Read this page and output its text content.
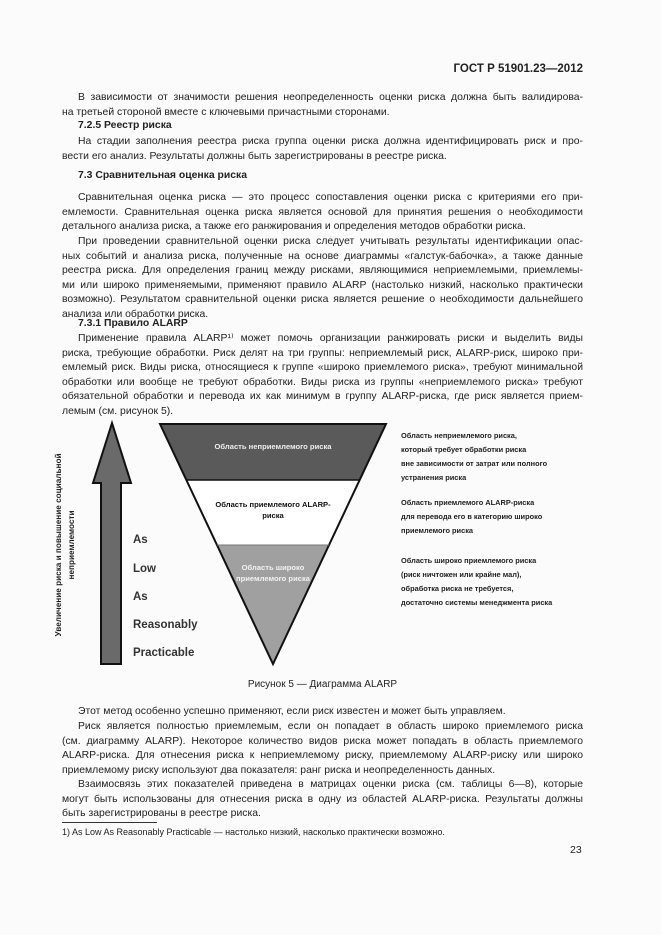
ГОСТ Р 51901.23—2012
В зависимости от значимости решения неопределенность оценки риска должна быть валидирова-
на третьей стороной вместе с ключевыми причастными сторонами.
На стадии заполнения реестра риска группа оценки риска должна идентифицировать риск и про-
вести его анализ. Результаты должны быть зарегистрированы в реестре риска.
Сравнительная оценка риска — это процесс сопоставления оценки риска с критериями его при-
емлемости. Сравнительная оценка риска является основой для принятия решения о необходимости
детального анализа риска, а также его ранжирования и определения методов обработки риска.
При проведении сравнительной оценки риска следует учитывать результаты идентификации опас-
ных событий и анализа риска, полученные на основе диаграммы «галстук-бабочка», а также данные
реестра риска. Для определения границ между рисками, являющимися неприемлемыми, приемлемы-
ми или широко применяемыми, применяют правило ALARP (настолько низкий, насколько практически
возможно). Результатом сравнительной оценки риска является решение о необходимости дальнейшего
анализа или обработки риска.
Применение правила ALARP¹⁾ может помочь организации ранжировать риски и выделить виды
риска, требующие обработки. Риск делят на три группы: неприемлемый риск, ALARP-риск, широко при-
емлемый риск. Виды риска, относящиеся к группе «широко приемлемого риска», требуют минимальной
обработки или вообще не требуют обработки. Виды риска из группы «неприемлемого риска» требуют
обязательной обработки и перевода их как минимум в группу ALARP-риска, где риск является прием-
лемым (см. рисунок 5).
Этот метод особенно успешно применяют, если риск известен и может быть управляем.
Риск является полностью приемлемым, если он попадает в область широко приемлемого риска
(см. диаграмму ALARP). Некоторое количество видов риска может попадать в область приемлемого
ALARP-риска. Для отнесения риска к неприемлемому риску, приемлемому ALARP-риску или широко
приемлемому риску используют два показателя: ранг риска и неопределенность данных.
Взаимосвязь этих показателей приведена в матрицах оценки риска (см. таблицы 6—8), которые
могут быть использованы для отнесения риска в одну из областей ALARP-риска. Результаты должны
быть зарегистрированы в реестре риска.
7.2.5 Реестр риска
7.3 Сравнительная оценка риска
7.3.1 Правило ALARP
Увеличение риска и повышение социальной неприемлемости	As
Low
As
Reasonably
Practicable
Область неприемлемого риска
Область приемлемого ALARP-риска
Область широко приемлемого риска
Область неприемлемого риска,
который требует обработки риска
вне зависимости от затрат или полного
устранения риска
Область приемлемого ALARP-риска
для перевода его в категорию широко
приемлемого риска
Область широко приемлемого риска
(риск ничтожен или крайне мал),
обработка риска не требуется,
достаточно системы менеджмента риска
Рисунок 5 — Диаграмма ALARP
1) As Low As Reasonably Practicable — настолько низкий, насколько практически возможно.
23
